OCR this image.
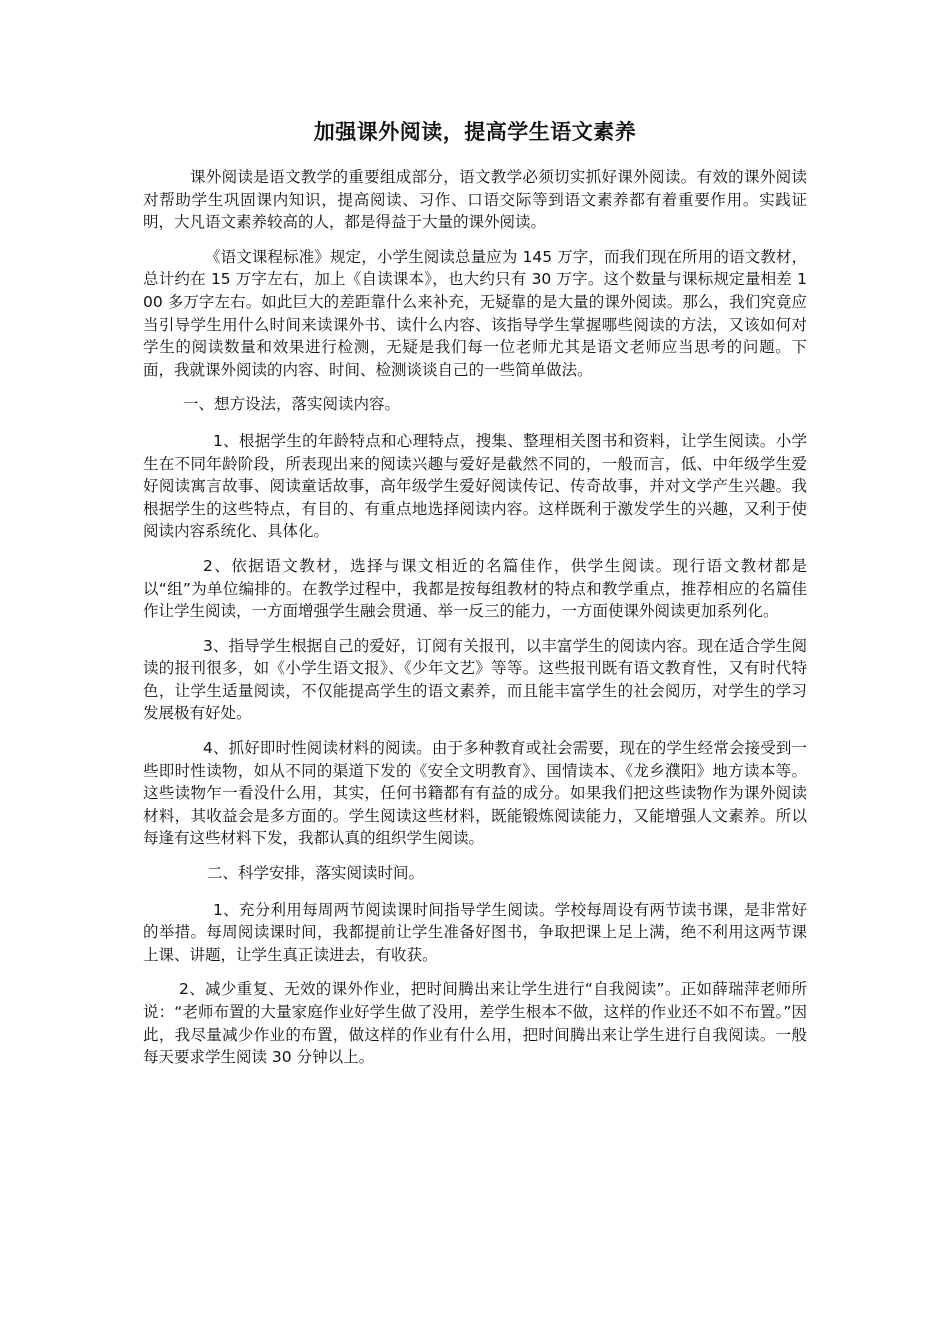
加强课外阅读，提高学生语文素养

课外阅读是语文教学的重要组成部分，语文教学必须切实抓好课外阅读。有效的课外阅读对帮助学生巩固课内知识，提高阅读、习作、口语交际等到语文素养都有着重要作用。实践证明，大凡语文素养较高的人，都是得益于大量的课外阅读。

《语文课程标准》规定，小学生阅读总量应为 145 万字，而我们现在所用的语文教材，总计约在 15 万字左右，加上《自读课本》，也大约只有 30 万字。这个数量与课标规定量相差 100 多万字左右。如此巨大的差距靠什么来补充，无疑靠的是大量的课外阅读。那么，我们究竟应当引导学生用什么时间来读课外书、读什么内容、该指导学生掌握哪些阅读的方法，又该如何对学生的阅读数量和效果进行检测，无疑是我们每一位老师尤其是语文老师应当思考的问题。下面，我就课外阅读的内容、时间、检测谈谈自己的一些简单做法。

一、想方设法，落实阅读内容。

1、根据学生的年龄特点和心理特点，搜集、整理相关图书和资料，让学生阅读。小学生在不同年龄阶段，所表现出来的阅读兴趣与爱好是截然不同的，一般而言，低、中年级学生爱好阅读寓言故事、阅读童话故事，高年级学生爱好阅读传记、传奇故事，并对文学产生兴趣。我根据学生的这些特点，有目的、有重点地选择阅读内容。这样既利于激发学生的兴趣，又利于使阅读内容系统化、具体化。

2、依据语文教材，选择与课文相近的名篇佳作，供学生阅读。现行语文教材都是以“组”为单位编排的。在教学过程中，我都是按每组教材的特点和教学重点，推荐相应的名篇佳作让学生阅读，一方面增强学生融会贯通、举一反三的能力，一方面使课外阅读更加系列化。

3、指导学生根据自己的爱好，订阅有关报刊，以丰富学生的阅读内容。现在适合学生阅读的报刊很多，如《小学生语文报》、《少年文艺》等等。这些报刊既有语文教育性，又有时代特色，让学生适量阅读，不仅能提高学生的语文素养，而且能丰富学生的社会阅历，对学生的学习发展极有好处。

4、抓好即时性阅读材料的阅读。由于多种教育或社会需要，现在的学生经常会接受到一些即时性读物，如从不同的渠道下发的《安全文明教育》、国情读本、《龙乡濮阳》地方读本等。这些读物乍一看没什么用，其实，任何书籍都有有益的成分。如果我们把这些读物作为课外阅读材料，其收益会是多方面的。学生阅读这些材料，既能锻炼阅读能力，又能增强人文素养。所以每逢有这些材料下发，我都认真的组织学生阅读。

二、科学安排，落实阅读时间。

1、充分利用每周两节阅读课时间指导学生阅读。学校每周设有两节读书课，是非常好的举措。每周阅读课时间，我都提前让学生准备好图书，争取把课上足上满，绝不利用这两节课上课、讲题，让学生真正读进去，有收获。

2、减少重复、无效的课外作业，把时间腾出来让学生进行“自我阅读”。正如薛瑞萍老师所说：“老师布置的大量家庭作业好学生做了没用，差学生根本不做，这样的作业还不如不布置。”因此，我尽量减少作业的布置，做这样的作业有什么用，把时间腾出来让学生进行自我阅读。一般每天要求学生阅读 30 分钟以上。
